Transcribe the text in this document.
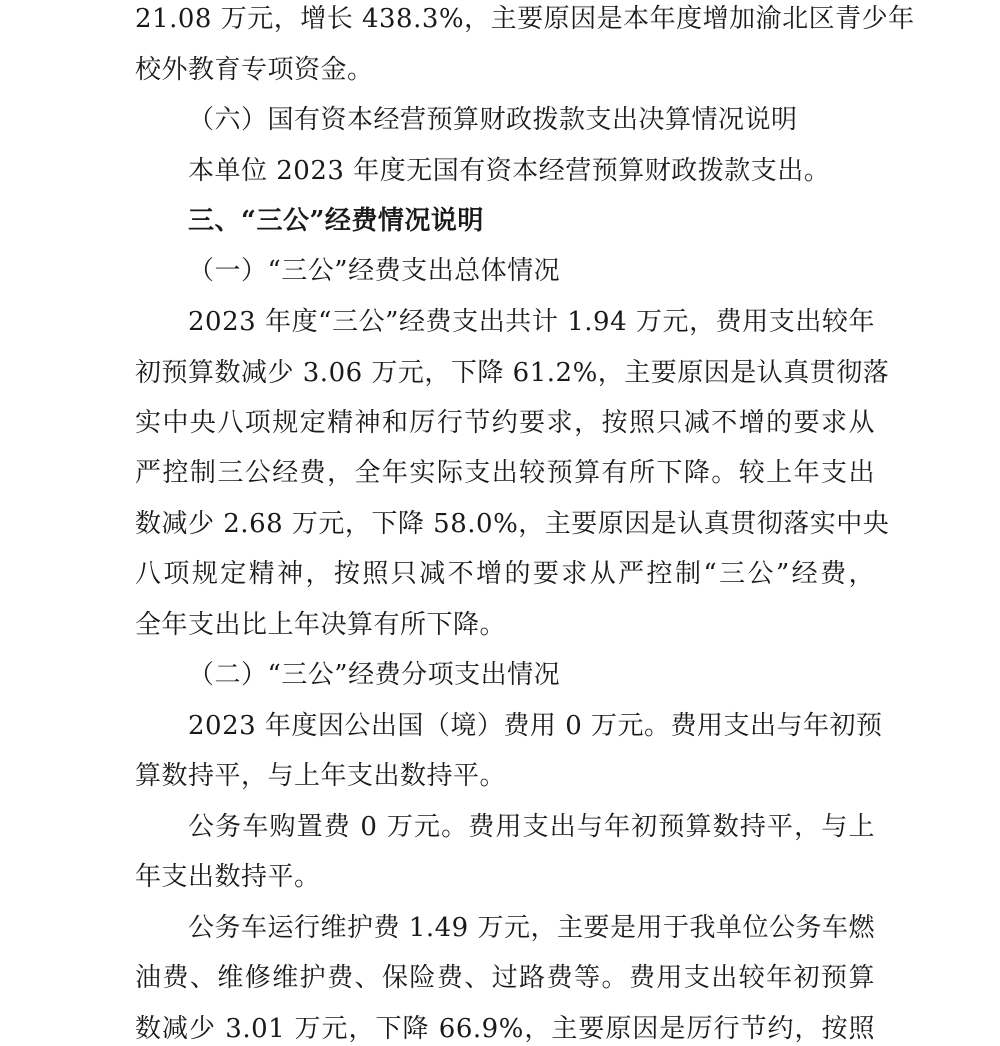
21.08 万元，增长 438.3%，主要原因是本年度增加渝北区青少年
校外教育专项资金。
（六）国有资本经营预算财政拨款支出决算情况说明
本单位 2023 年度无国有资本经营预算财政拨款支出。
三、“三公”经费情况说明
（一）“三公”经费支出总体情况
2023 年度“三公”经费支出共计 1.94 万元，费用支出较年
初预算数减少 3.06 万元，下降 61.2%，主要原因是认真贯彻落
实中央八项规定精神和厉行节约要求，按照只减不增的要求从
严控制三公经费，全年实际支出较预算有所下降。较上年支出
数减少 2.68 万元，下降 58.0%，主要原因是认真贯彻落实中央
八项规定精神，按照只减不增的要求从严控制“三公”经费，
全年支出比上年决算有所下降。
（二）“三公”经费分项支出情况
2023 年度因公出国（境）费用 0 万元。费用支出与年初预
算数持平，与上年支出数持平。
公务车购置费 0 万元。费用支出与年初预算数持平，与上
年支出数持平。
公务车运行维护费 1.49 万元，主要是用于我单位公务车燃
油费、维修维护费、保险费、过路费等。费用支出较年初预算
数减少 3.01 万元，下降 66.9%，主要原因是厉行节约，按照
